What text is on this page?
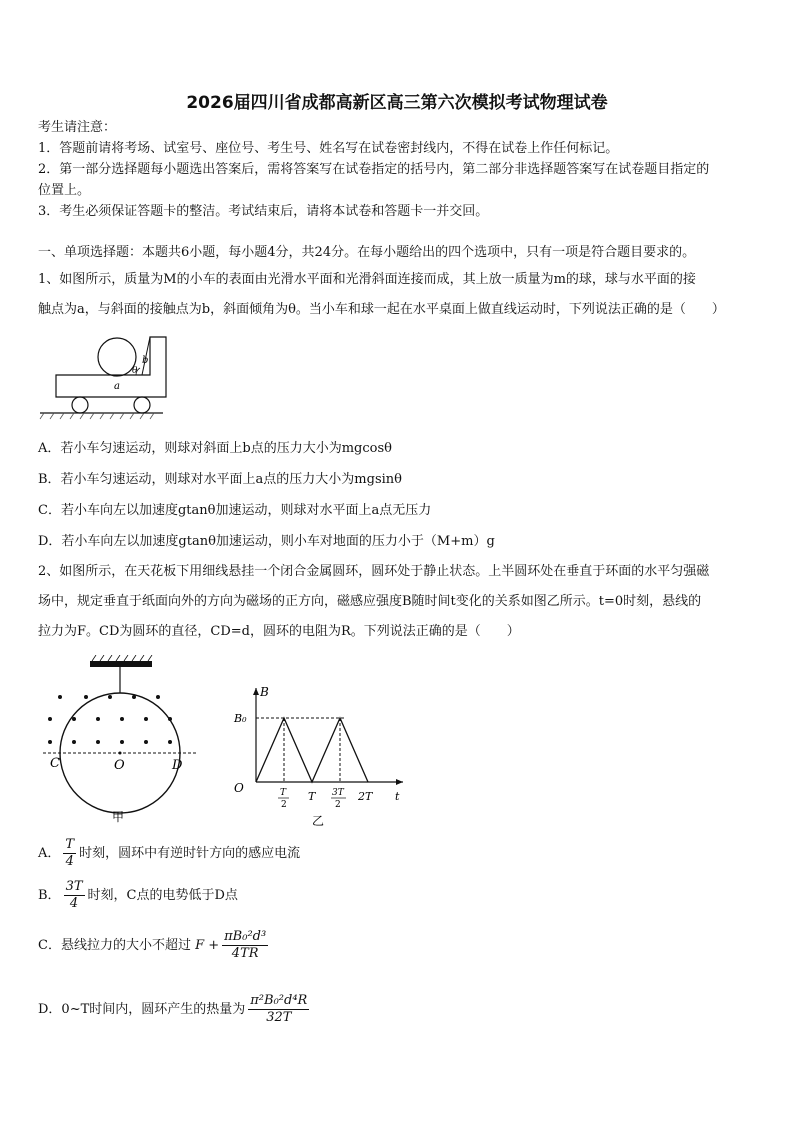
2026届四川省成都高新区高三第六次模拟考试物理试卷
考生请注意：
1．答题前请将考场、试室号、座位号、考生号、姓名写在试卷密封线内，不得在试卷上作任何标记。
2．第一部分选择题每小题选出答案后，需将答案写在试卷指定的括号内，第二部分非选择题答案写在试卷题目指定的
位置上。
3．考生必须保证答题卡的整洁。考试结束后，请将本试卷和答题卡一并交回。
一、单项选择题：本题共6小题，每小题4分，共24分。在每小题给出的四个选项中，只有一项是符合题目要求的。
1、如图所示，质量为M的小车的表面由光滑水平面和光滑斜面连接而成，其上放一质量为m的球，球与水平面的接
触点为a，与斜面的接触点为b，斜面倾角为θ。当小车和球一起在水平桌面上做直线运动时，下列说法正确的是（　　）
b
θ
a
A．若小车匀速运动，则球对斜面上b点的压力大小为mgcosθ
B．若小车匀速运动，则球对水平面上a点的压力大小为mgsinθ
C．若小车向左以加速度gtanθ加速运动，则球对水平面上a点无压力
D．若小车向左以加速度gtanθ加速运动，则小车对地面的压力小于（M+m）g
2、如图所示，在天花板下用细线悬挂一个闭合金属圆环，圆环处于静止状态。上半圆环处在垂直于环面的水平匀强磁
场中，规定垂直于纸面向外的方向为磁场的正方向，磁感应强度B随时间t变化的关系如图乙所示。t=0时刻，悬线的
拉力为F。CD为圆环的直径，CD=d，圆环的电阻为R。下列说法正确的是（　　）
C	O	D
甲
B
B₀
O	T
2
T 3T
2
2T t
乙
A． $\frac{T}{4}$ 时刻，圆环中有逆时针方向的感应电流
B． $\frac{3T}{4}$ 时刻，C点的电势低于D点
C．悬线拉力的大小不超过 $F + \frac{\text{πB₀²d³}}{4TR}$
D．0~T时间内，圆环产生的热量为 $\frac{\text{π²B₀²d⁴R}}{32T}$
